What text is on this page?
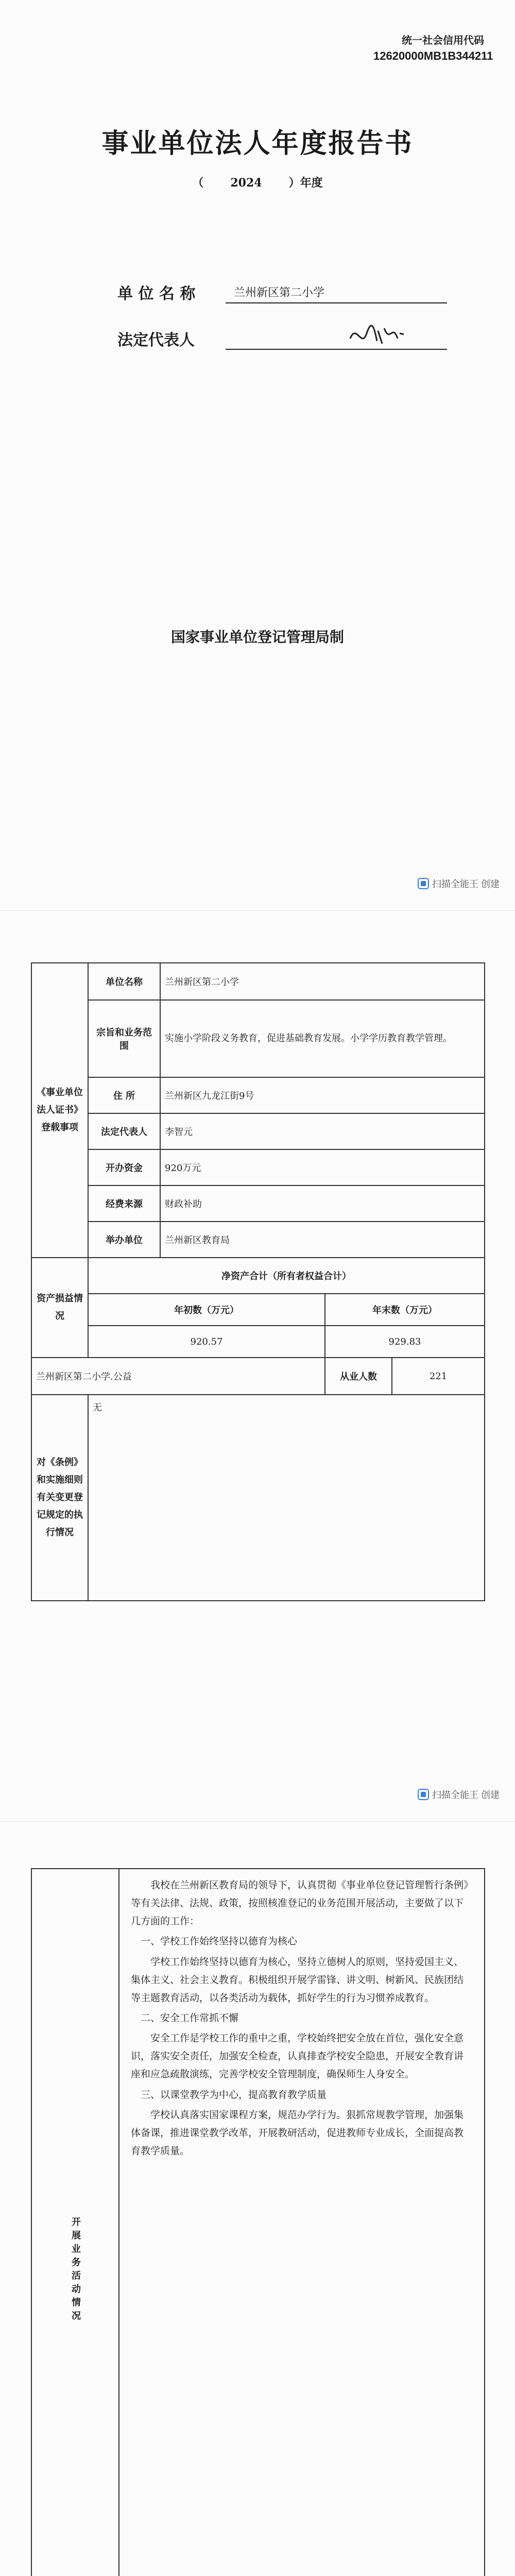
统一社会信用代码
12620000MB1B344211
事业单位法人年度报告书
（ 2024 ）年度
单 位 名 称	兰州新区第二小学
法定代表人
国家事业单位登记管理局制
扫描全能王 创建
《事业单位法人证书》登载事项	单位名称	兰州新区第二小学		
	宗旨和业务范围	实施小学阶段义务教育，促进基础教育发展。小学学历教育教学管理。		
	住 所	兰州新区九龙江街9号		
	法定代表人	李智元		
	开办资金	920万元		
	经费来源	财政补助		
	举办单位	兰州新区教育局		
资产损益情况	净资产合计（所有者权益合计）			
	年初数（万元）		年末数（万元）	
	920.57		929.83	
兰州新区第二小学.公益			从业人数	221
对《条例》和实施细则有关变更登记规定的执行情况	无			
扫描全能王 创建
开展业务活动情况	

我校在兰州新区教育局的领导下，认真贯彻《事业单位登记管理暂行条例》等有关法律、法规、政策，按照核准登记的业务范围开展活动，主要做了以下几方面的工作：

一、学校工作始终坚持以德育为核心

学校工作始终坚持以德育为核心，坚持立德树人的原则，坚持爱国主义、集体主义、社会主义教育。积极组织开展学雷锋、讲文明、树新风、民族团结等主题教育活动，以各类活动为载体，抓好学生的行为习惯养成教育。

二、安全工作常抓不懈

安全工作是学校工作的重中之重，学校始终把安全放在首位，强化安全意识，落实安全责任，加强安全检查，认真排查学校安全隐患，开展安全教育讲座和应急疏散演练，完善学校安全管理制度，确保师生人身安全。

三、以课堂教学为中心，提高教育教学质量

学校认真落实国家课程方案，规范办学行为。狠抓常规教学管理，加强集体备课，推进课堂教学改革，开展教研活动，促进教师专业成长，全面提高教育教学质量。
